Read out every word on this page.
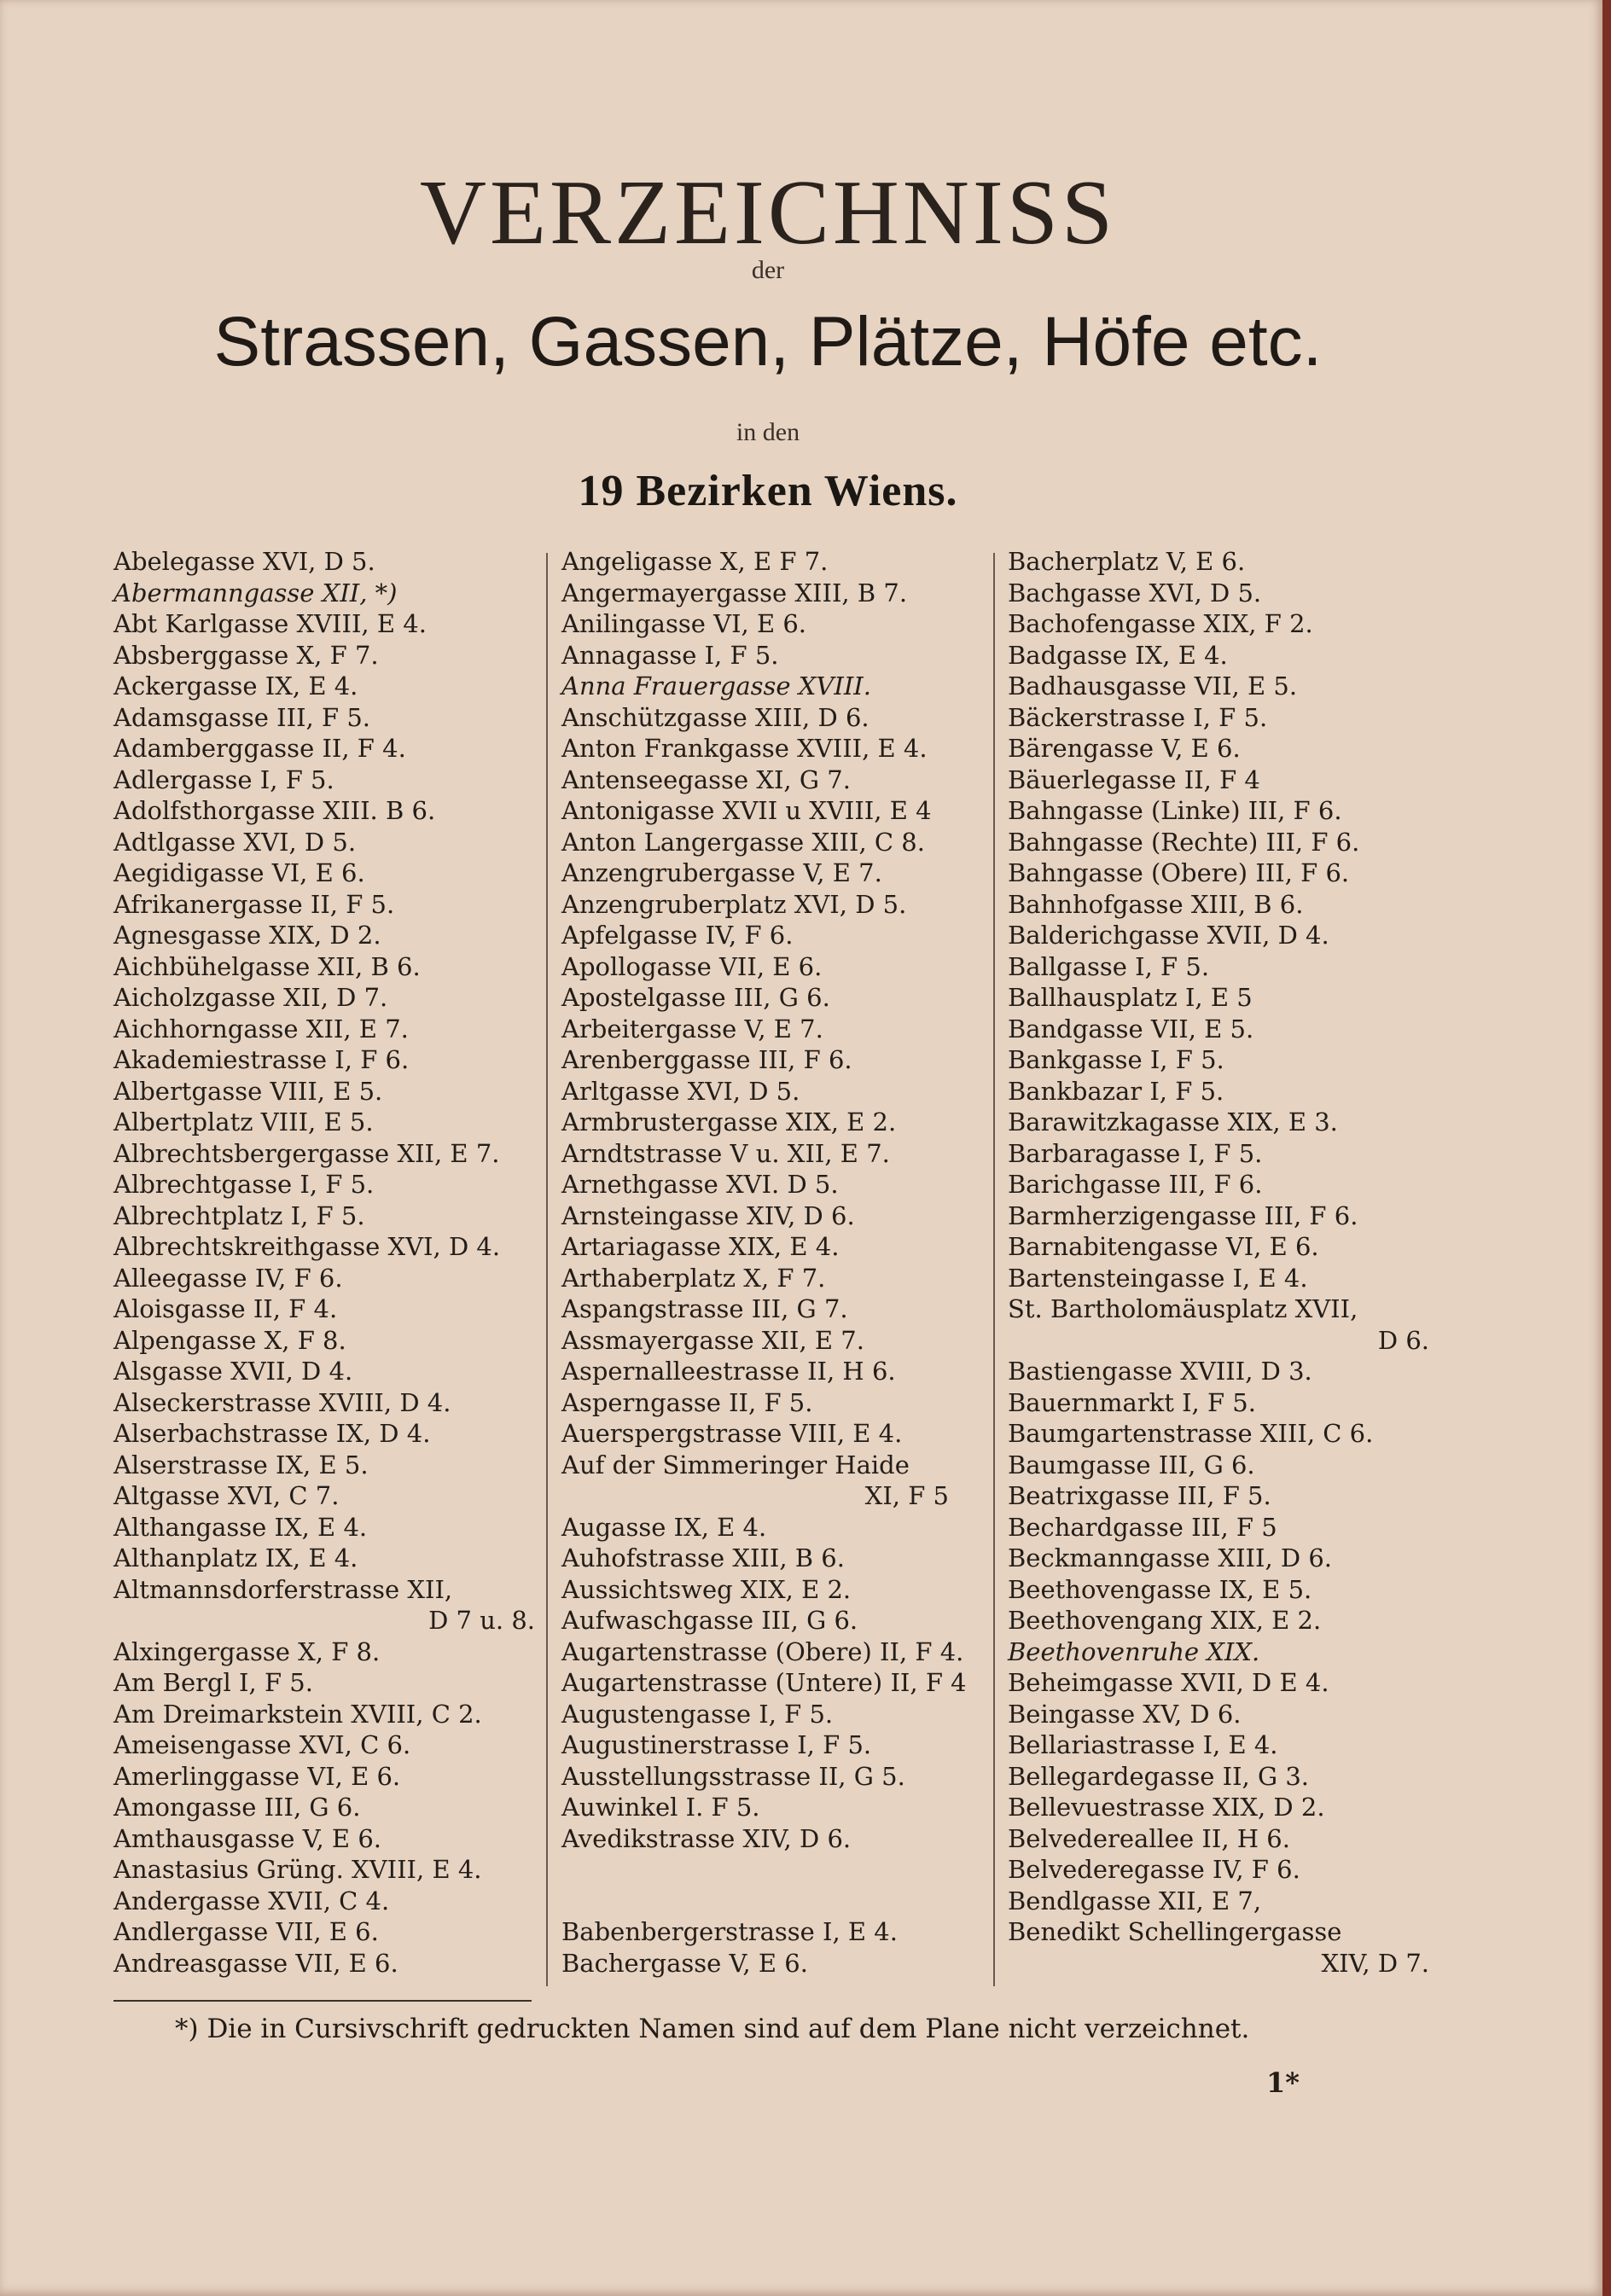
VERZEICHNISS
der
Strassen, Gassen, Plätze, Höfe etc.
in den
19 Bezirken Wiens.
Abelegasse XVI, D 5.
Abermanngasse XII, *)
Abt Karlgasse XVIII, E 4.
Absberggasse X, F 7.
Ackergasse IX, E 4.
Adamsgasse III, F 5.
Adamberggasse II, F 4.
Adlergasse I, F 5.
Adolfsthorgasse XIII. B 6.
Adtlgasse XVI, D 5.
Aegidigasse VI, E 6.
Afrikanergasse II, F 5.
Agnesgasse XIX, D 2.
Aichbühelgasse XII, B 6.
Aicholzgasse XII, D 7.
Aichhorngasse XII, E 7.
Akademiestrasse I, F 6.
Albertgasse VIII, E 5.
Albertplatz VIII, E 5.
Albrechtsbergergasse XII, E 7.
Albrechtgasse I, F 5.
Albrechtplatz I, F 5.
Albrechtskreithgasse XVI, D 4.
Alleegasse IV, F 6.
Aloisgasse II, F 4.
Alpengasse X, F 8.
Alsgasse XVII, D 4.
Alseckerstrasse XVIII, D 4.
Alserbachstrasse IX, D 4.
Alserstrasse IX, E 5.
Altgasse XVI, C 7.
Althangasse IX, E 4.
Althanplatz IX, E 4.
Altmannsdorferstrasse XII,
D 7 u. 8.
Alxingergasse X, F 8.
Am Bergl I, F 5.
Am Dreimarkstein XVIII, C 2.
Ameisengasse XVI, C 6.
Amerlinggasse VI, E 6.
Amongasse III, G 6.
Amthausgasse V, E 6.
Anastasius Grüng. XVIII, E 4.
Andergasse XVII, C 4.
Andlergasse VII, E 6.
Andreasgasse VII, E 6.
Angeligasse X, E F 7.
Angermayergasse XIII, B 7.
Anilingasse VI, E 6.
Annagasse I, F 5.
Anna Frauergasse XVIII.
Anschützgasse XIII, D 6.
Anton Frankgasse XVIII, E 4.
Antenseegasse XI, G 7.
Antonigasse XVII u XVIII, E 4
Anton Langergasse XIII, C 8.
Anzengrubergasse V, E 7.
Anzengruberplatz XVI, D 5.
Apfelgasse IV, F 6.
Apollogasse VII, E 6.
Apostelgasse III, G 6.
Arbeitergasse V, E 7.
Arenberggasse III, F 6.
Arltgasse XVI, D 5.
Armbrustergasse XIX, E 2.
Arndtstrasse V u. XII, E 7.
Arnethgasse XVI. D 5.
Arnsteingasse XIV, D 6.
Artariagasse XIX, E 4.
Arthaberplatz X, F 7.
Aspangstrasse III, G 7.
Assmayergasse XII, E 7.
Aspernalleestrasse II, H 6.
Asperngasse II, F 5.
Auerspergstrasse VIII, E 4.
Auf der Simmeringer Haide
XI, F 5
Augasse IX, E 4.
Auhofstrasse XIII, B 6.
Aussichtsweg XIX, E 2.
Aufwaschgasse III, G 6.
Augartenstrasse (Obere) II, F 4.
Augartenstrasse (Untere) II, F 4
Augustengasse I, F 5.
Augustinerstrasse I, F 5.
Ausstellungsstrasse II, G 5.
Auwinkel I. F 5.
Avedikstrasse XIV, D 6.
Babenbergerstrasse I, E 4.
Bachergasse V, E 6.
Bacherplatz V, E 6.
Bachgasse XVI, D 5.
Bachofengasse XIX, F 2.
Badgasse IX, E 4.
Badhausgasse VII, E 5.
Bäckerstrasse I, F 5.
Bärengasse V, E 6.
Bäuerlegasse II, F 4
Bahngasse (Linke) III, F 6.
Bahngasse (Rechte) III, F 6.
Bahngasse (Obere) III, F 6.
Bahnhofgasse XIII, B 6.
Balderichgasse XVII, D 4.
Ballgasse I, F 5.
Ballhausplatz I, E 5
Bandgasse VII, E 5.
Bankgasse I, F 5.
Bankbazar I, F 5.
Barawitzkagasse XIX, E 3.
Barbaragasse I, F 5.
Barichgasse III, F 6.
Barmherzigengasse III, F 6.
Barnabitengasse VI, E 6.
Bartensteingasse I, E 4.
St. Bartholomäusplatz XVII,
D 6.
Bastiengasse XVIII, D 3.
Bauernmarkt I, F 5.
Baumgartenstrasse XIII, C 6.
Baumgasse III, G 6.
Beatrixgasse III, F 5.
Bechardgasse III, F 5
Beckmanngasse XIII, D 6.
Beethovengasse IX, E 5.
Beethovengang XIX, E 2.
Beethovenruhe XIX.
Beheimgasse XVII, D E 4.
Beingasse XV, D 6.
Bellariastrasse I, E 4.
Bellegardegasse II, G 3.
Bellevuestrasse XIX, D 2.
Belvedereallee II, H 6.
Belvederegasse IV, F 6.
Bendlgasse XII, E 7,
Benedikt Schellingergasse
XIV, D 7.
*) Die in Cursivschrift gedruckten Namen sind auf dem Plane nicht verzeichnet.
1*
